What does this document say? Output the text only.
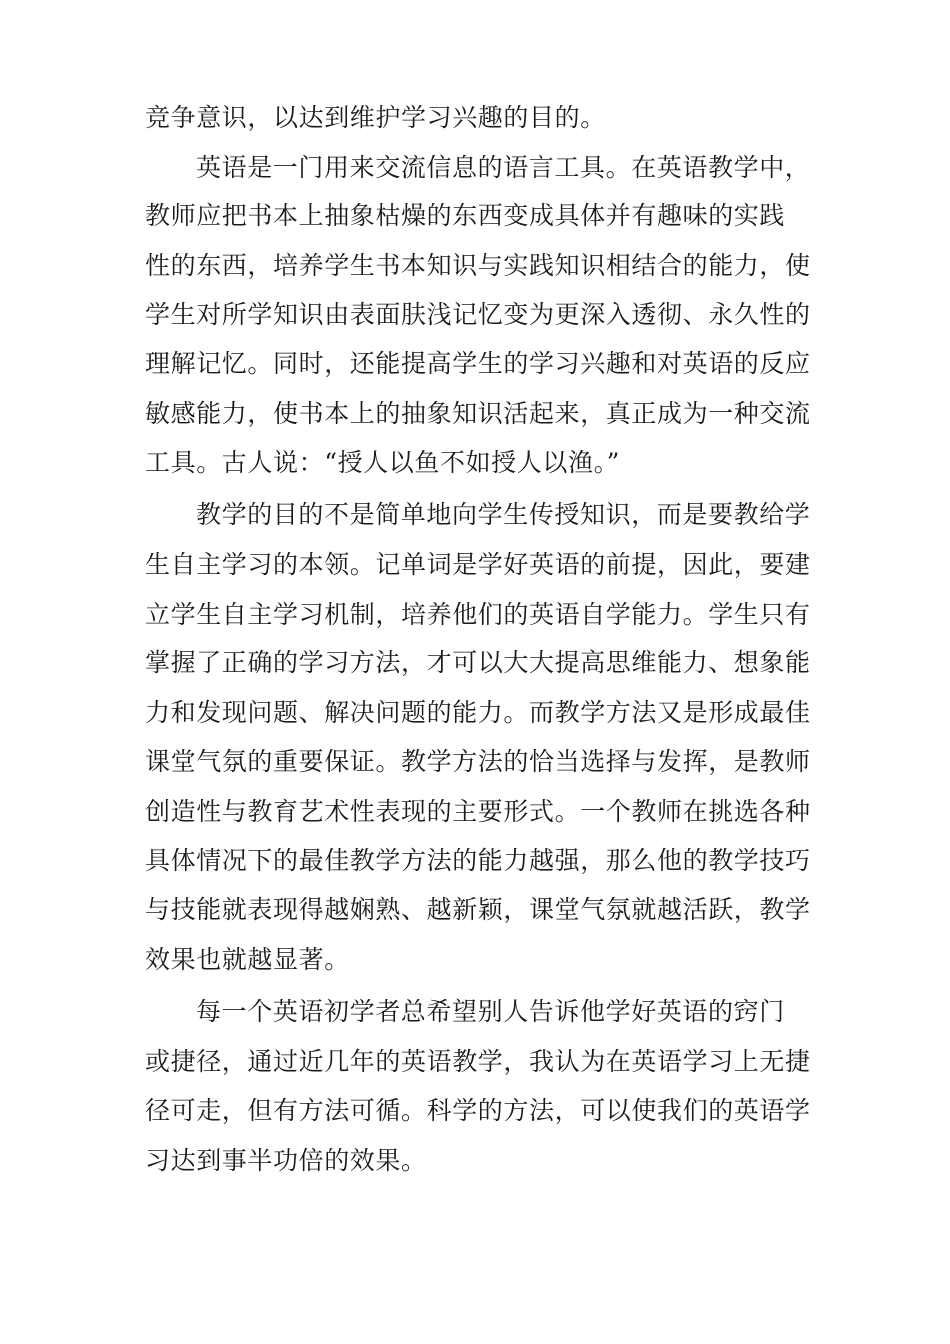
竞争意识，以达到维护学习兴趣的目的。
英语是一门用来交流信息的语言工具。在英语教学中，
教师应把书本上抽象枯燥的东西变成具体并有趣味的实践
性的东西，培养学生书本知识与实践知识相结合的能力，使
学生对所学知识由表面肤浅记忆变为更深入透彻、永久性的
理解记忆。同时，还能提高学生的学习兴趣和对英语的反应
敏感能力，使书本上的抽象知识活起来，真正成为一种交流
工具。古人说：“授人以鱼不如授人以渔。”
教学的目的不是简单地向学生传授知识，而是要教给学
生自主学习的本领。记单词是学好英语的前提，因此，要建
立学生自主学习机制，培养他们的英语自学能力。学生只有
掌握了正确的学习方法，才可以大大提高思维能力、想象能
力和发现问题、解决问题的能力。而教学方法又是形成最佳
课堂气氛的重要保证。教学方法的恰当选择与发挥，是教师
创造性与教育艺术性表现的主要形式。一个教师在挑选各种
具体情况下的最佳教学方法的能力越强，那么他的教学技巧
与技能就表现得越娴熟、越新颖，课堂气氛就越活跃，教学
效果也就越显著。
每一个英语初学者总希望别人告诉他学好英语的窍门
或捷径，通过近几年的英语教学，我认为在英语学习上无捷
径可走，但有方法可循。科学的方法，可以使我们的英语学
习达到事半功倍的效果。
